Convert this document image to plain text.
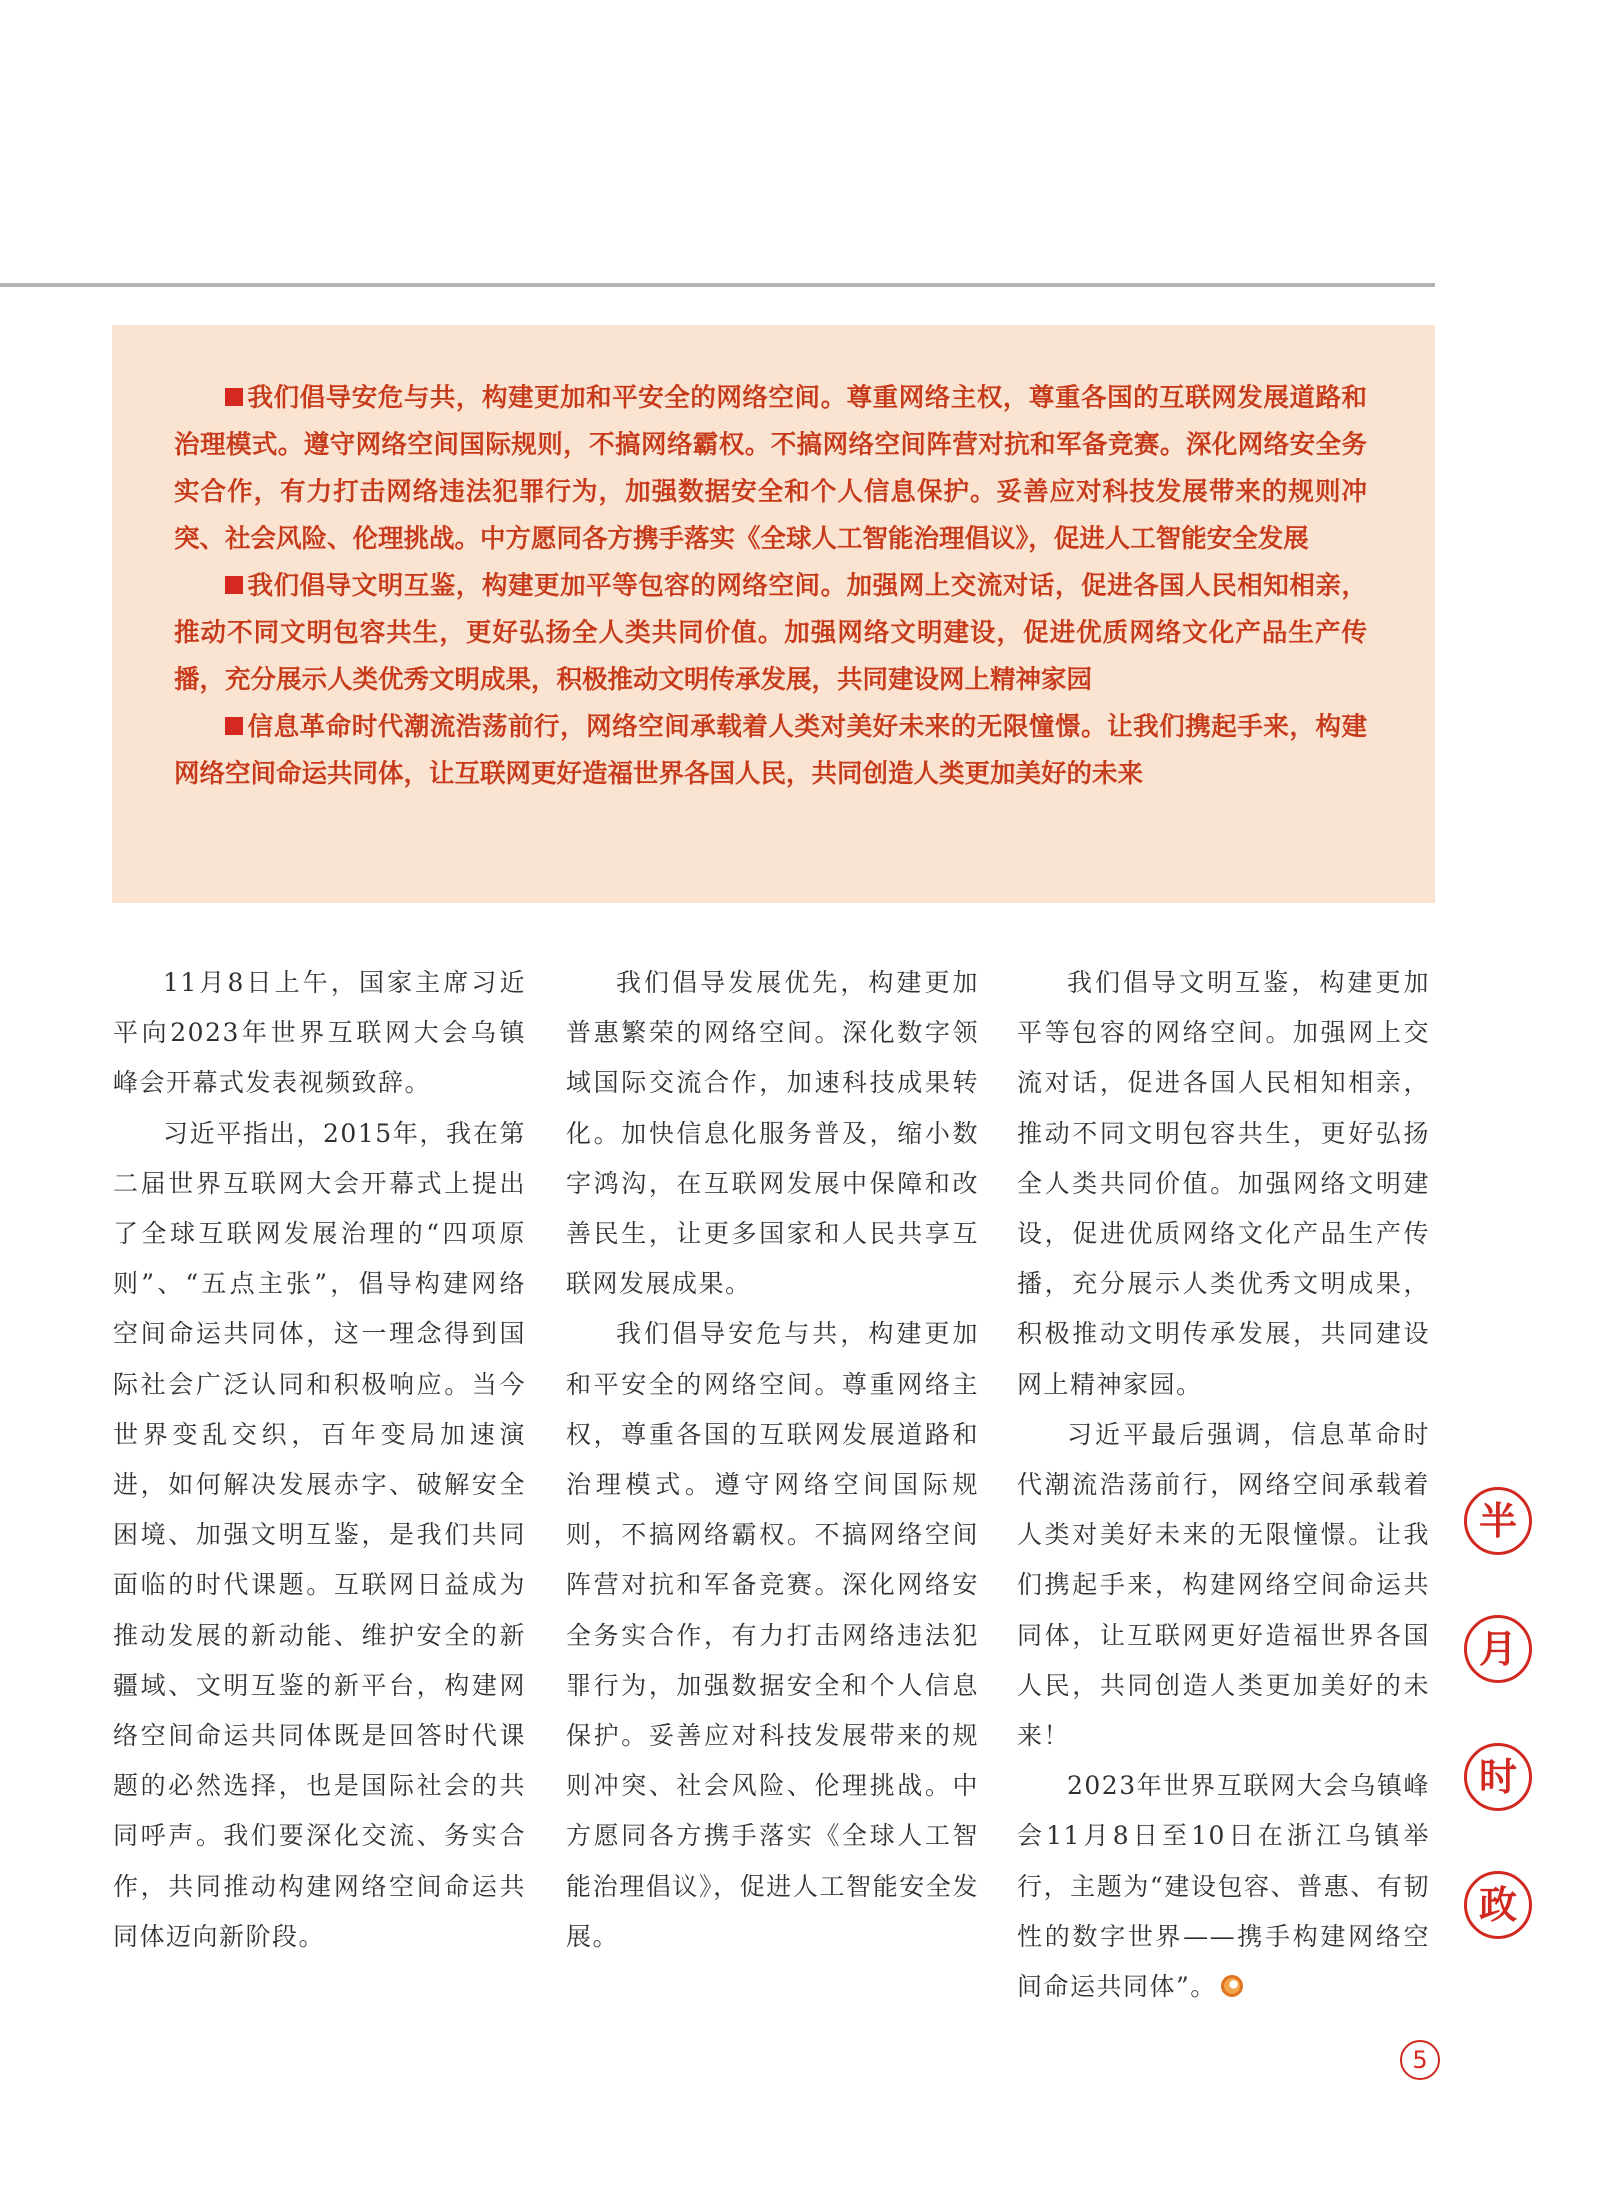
我们倡导安危与共，构建更加和平安全的网络空间。尊重网络主权，尊重各国的互联网发展道路和治理模式。遵守网络空间国际规则，不搞网络霸权。不搞网络空间阵营对抗和军备竞赛。深化网络安全务实合作，有力打击网络违法犯罪行为，加强数据安全和个人信息保护。妥善应对科技发展带来的规则冲突、社会风险、伦理挑战。中方愿同各方携手落实《全球人工智能治理倡议》，促进人工智能安全发展

我们倡导文明互鉴，构建更加平等包容的网络空间。加强网上交流对话，促进各国人民相知相亲，推动不同文明包容共生，更好弘扬全人类共同价值。加强网络文明建设，促进优质网络文化产品生产传播，充分展示人类优秀文明成果，积极推动文明传承发展，共同建设网上精神家园

信息革命时代潮流浩荡前行，网络空间承载着人类对美好未来的无限憧憬。让我们携起手来，构建网络空间命运共同体，让互联网更好造福世界各国人民，共同创造人类更加美好的未来

11月8日上午，国家主席习近平向2023年世界互联网大会乌镇峰会开幕式发表视频致辞。

习近平指出，2015年，我在第二届世界互联网大会开幕式上提出了全球互联网发展治理的“四项原则”、“五点主张”，倡导构建网络空间命运共同体，这一理念得到国际社会广泛认同和积极响应。当今世界变乱交织，百年变局加速演进，如何解决发展赤字、破解安全困境、加强文明互鉴，是我们共同面临的时代课题。互联网日益成为推动发展的新动能、维护安全的新疆域、文明互鉴的新平台，构建网络空间命运共同体既是回答时代课题的必然选择，也是国际社会的共同呼声。我们要深化交流、务实合作，共同推动构建网络空间命运共同体迈向新阶段。

我们倡导发展优先，构建更加普惠繁荣的网络空间。深化数字领域国际交流合作，加速科技成果转化。加快信息化服务普及，缩小数字鸿沟，在互联网发展中保障和改善民生，让更多国家和人民共享互联网发展成果。

我们倡导安危与共，构建更加和平安全的网络空间。尊重网络主权，尊重各国的互联网发展道路和治理模式。遵守网络空间国际规则，不搞网络霸权。不搞网络空间阵营对抗和军备竞赛。深化网络安全务实合作，有力打击网络违法犯罪行为，加强数据安全和个人信息保护。妥善应对科技发展带来的规则冲突、社会风险、伦理挑战。中方愿同各方携手落实《全球人工智能治理倡议》，促进人工智能安全发展。

我们倡导文明互鉴，构建更加平等包容的网络空间。加强网上交流对话，促进各国人民相知相亲，推动不同文明包容共生，更好弘扬全人类共同价值。加强网络文明建设，促进优质网络文化产品生产传播，充分展示人类优秀文明成果，积极推动文明传承发展，共同建设网上精神家园。

习近平最后强调，信息革命时代潮流浩荡前行，网络空间承载着人类对美好未来的无限憧憬。让我们携起手来，构建网络空间命运共同体，让互联网更好造福世界各国人民，共同创造人类更加美好的未来！

2023年世界互联网大会乌镇峰会11月8日至10日在浙江乌镇举行，主题为“建设包容、普惠、有韧性的数字世界——携手构建网络空间命运共同体”。

半
月
时
政
5
